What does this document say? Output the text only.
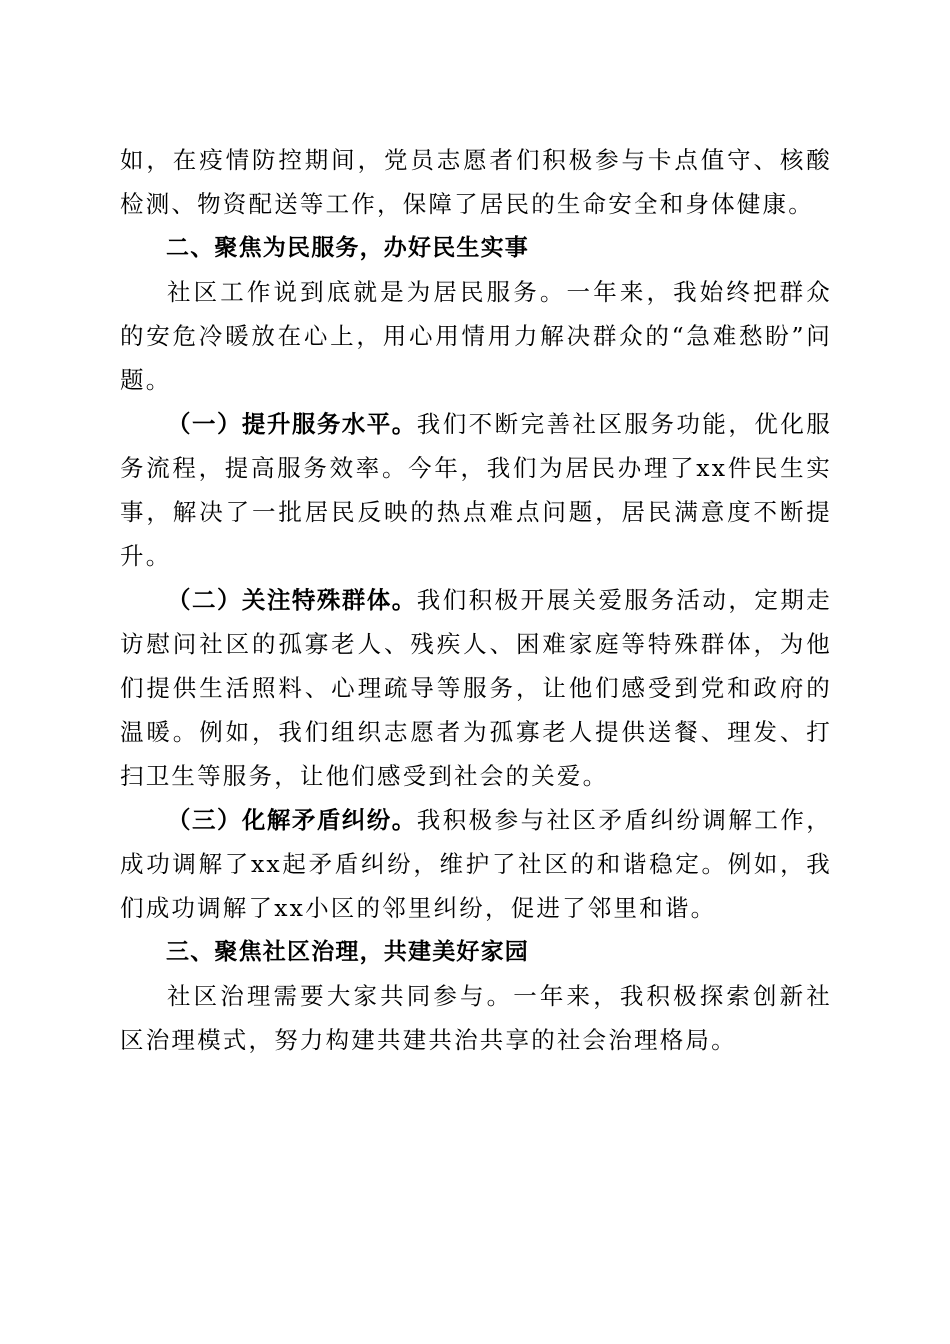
如，在疫情防控期间，党员志愿者们积极参与卡点值守、核酸检测、物资配送等工作，保障了居民的生命安全和身体健康。

二、聚焦为民服务，办好民生实事

社区工作说到底就是为居民服务。一年来，我始终把群众的安危冷暖放在心上，用心用情用力解决群众的“急难愁盼”问题。

（一）提升服务水平。我们不断完善社区服务功能，优化服务流程，提高服务效率。今年，我们为居民办理了xx件民生实事，解决了一批居民反映的热点难点问题，居民满意度不断提升。

（二）关注特殊群体。我们积极开展关爱服务活动，定期走访慰问社区的孤寡老人、残疾人、困难家庭等特殊群体，为他们提供生活照料、心理疏导等服务，让他们感受到党和政府的温暖。例如，我们组织志愿者为孤寡老人提供送餐、理发、打扫卫生等服务，让他们感受到社会的关爱。

（三）化解矛盾纠纷。我积极参与社区矛盾纠纷调解工作，成功调解了xx起矛盾纠纷，维护了社区的和谐稳定。例如，我们成功调解了xx小区的邻里纠纷，促进了邻里和谐。

三、聚焦社区治理，共建美好家园

社区治理需要大家共同参与。一年来，我积极探索创新社区治理模式，努力构建共建共治共享的社会治理格局。
